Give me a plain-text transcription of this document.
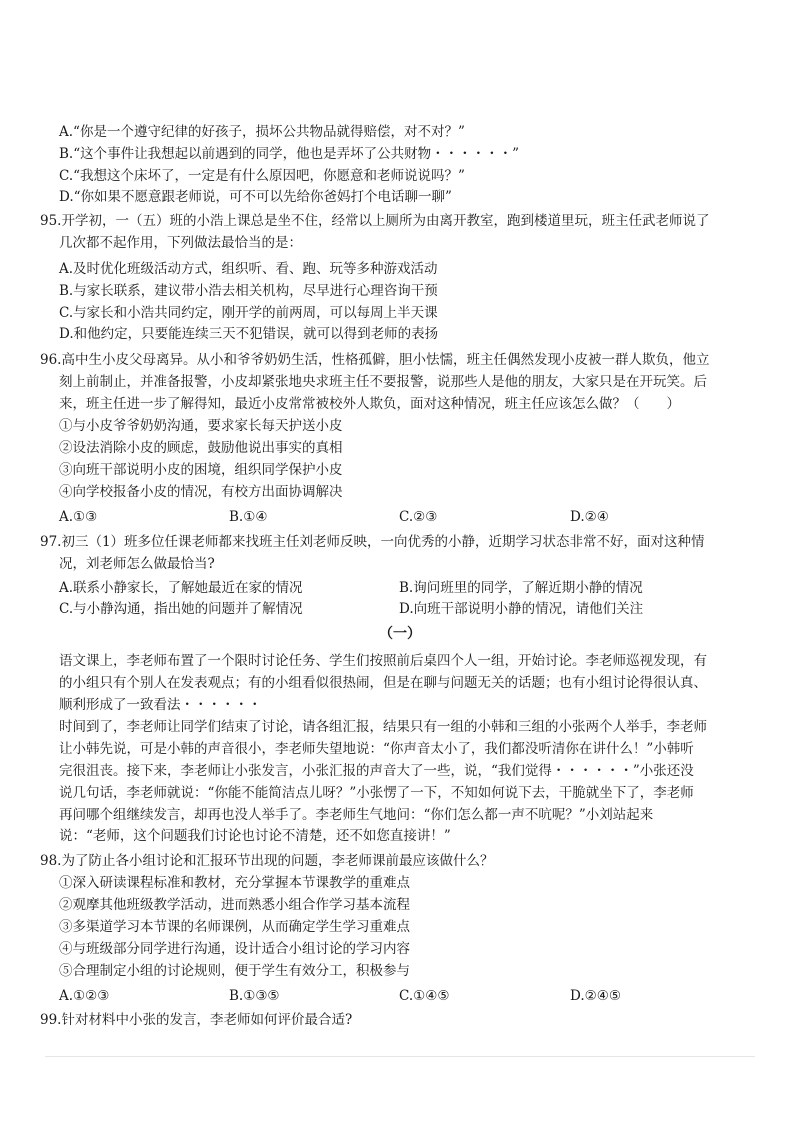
A.“你是一个遵守纪律的好孩子，损坏公共物品就得赔偿，对不对？”
B.“这个事件让我想起以前遇到的同学，他也是弄坏了公共财物・・・・・・”
C.“我想这个床坏了，一定是有什么原因吧，你愿意和老师说说吗？”
D.“你如果不愿意跟老师说，可不可以先给你爸妈打个电话聊一聊”
95.开学初，一（五）班的小浩上课总是坐不住，经常以上厕所为由离开教室，跑到楼道里玩，班主任武老师说了
几次都不起作用，下列做法最恰当的是：
A.及时优化班级活动方式，组织听、看、跑、玩等多种游戏活动
B.与家长联系，建议带小浩去相关机构，尽早进行心理咨询干预
C.与家长和小浩共同约定，刚开学的前两周，可以每周上半天课
D.和他约定，只要能连续三天不犯错误，就可以得到老师的表扬
96.高中生小皮父母离异。从小和爷爷奶奶生活，性格孤僻，胆小怯懦，班主任偶然发现小皮被一群人欺负，他立
刻上前制止，并准备报警，小皮却紧张地央求班主任不要报警，说那些人是他的朋友，大家只是在开玩笑。后
来，班主任进一步了解得知，最近小皮常常被校外人欺负，面对这种情况，班主任应该怎么做？（　　）
①与小皮爷爷奶奶沟通，要求家长每天护送小皮
②设法消除小皮的顾虑，鼓励他说出事实的真相
③向班干部说明小皮的困境，组织同学保护小皮
④向学校报备小皮的情况，有校方出面协调解决
A.①③	B.①④	C.②③	D.②④
97.初三（1）班多位任课老师都来找班主任刘老师反映，一向优秀的小静，近期学习状态非常不好，面对这种情
况，刘老师怎么做最恰当?
A.联系小静家长，了解她最近在家的情况	B.询问班里的同学，了解近期小静的情况
C.与小静沟通，指出她的问题并了解情况	D.向班干部说明小静的情况，请他们关注
（一）
语文课上，李老师布置了一个限时讨论任务、学生们按照前后桌四个人一组，开始讨论。李老师巡视发现，有
的小组只有个别人在发表观点；有的小组看似很热闹，但是在聊与问题无关的话题；也有小组讨论得很认真、
顺利形成了一致看法・・・・・・
时间到了，李老师让同学们结束了讨论，请各组汇报，结果只有一组的小韩和三组的小张两个人举手，李老师
让小韩先说，可是小韩的声音很小，李老师失望地说：“你声音太小了，我们都没听清你在讲什么！”小韩听
完很沮丧。接下来，李老师让小张发言，小张汇报的声音大了一些，说，“我们觉得・・・・・・”小张还没
说几句话，李老师就说：“你能不能简洁点儿呀？”小张愣了一下，不知如何说下去，干脆就坐下了，李老师
再问哪个组继续发言，却再也没人举手了。李老师生气地问：“你们怎么都一声不吭呢？”小刘站起来
说：“老师，这个问题我们讨论也讨论不清楚，还不如您直接讲！”
98.为了防止各小组讨论和汇报环节出现的问题，李老师课前最应该做什么？
①深入研读课程标准和教材，充分掌握本节课教学的重难点
②观摩其他班级教学活动，进而熟悉小组合作学习基本流程
③多渠道学习本节课的名师课例，从而确定学生学习重难点
④与班级部分同学进行沟通，设计适合小组讨论的学习内容
⑤合理制定小组的讨论规则，便于学生有效分工，积极参与
A.①②③	B.①③⑤	C.①④⑤	D.②④⑤
99.针对材料中小张的发言，李老师如何评价最合适?
